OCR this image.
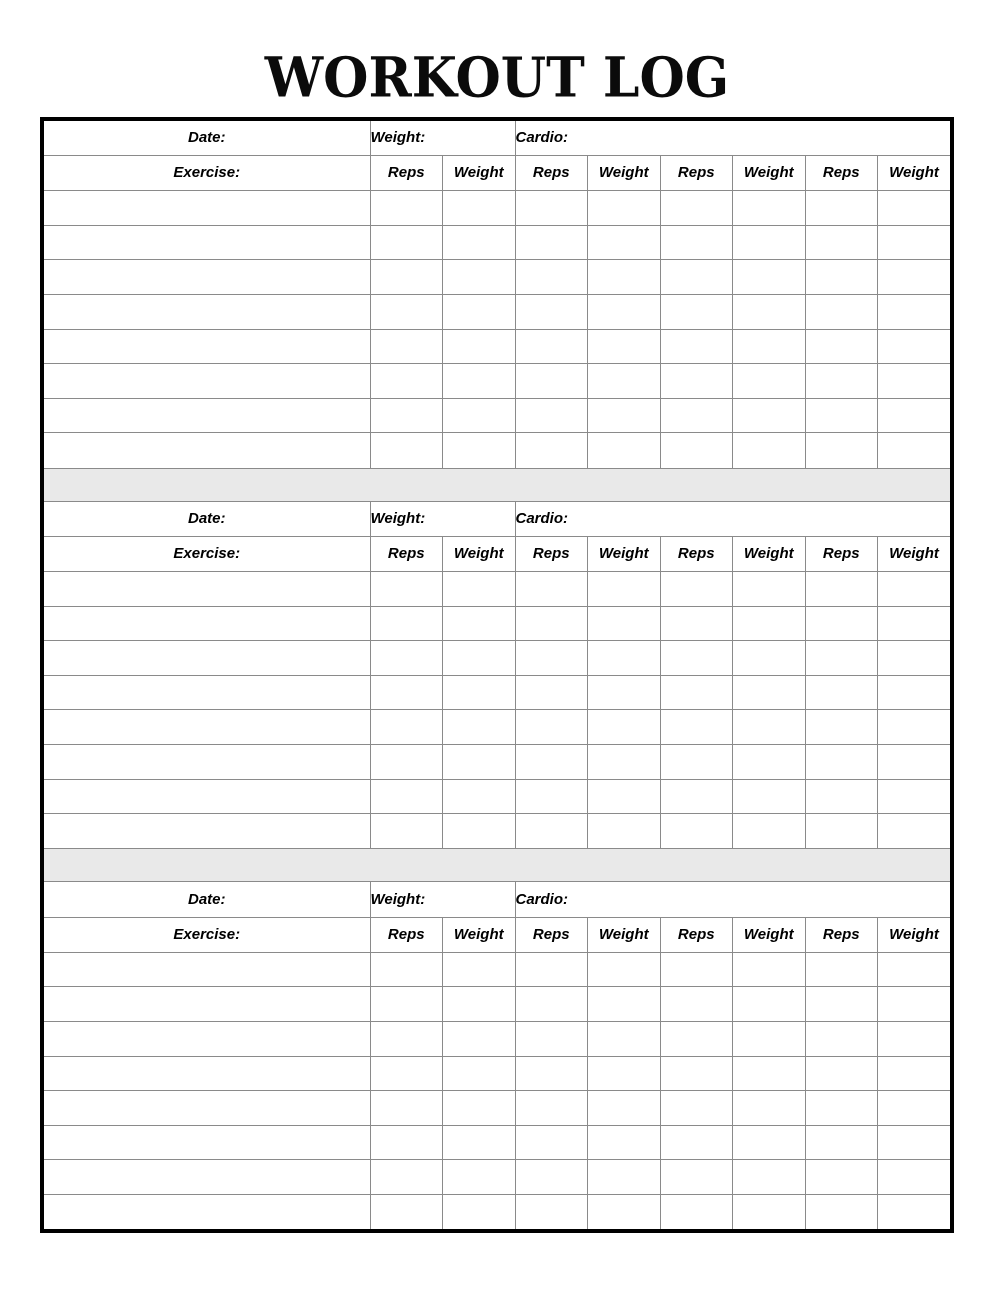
WORKOUT LOG
Date:	Weight:		Cardio:					
Exercise:	Reps	Weight	Reps	Weight	Reps	Weight	Reps	Weight

Date:	Weight:		Cardio:					
Exercise:	Reps	Weight	Reps	Weight	Reps	Weight	Reps	Weight

Date:	Weight:		Cardio:					
Exercise:	Reps	Weight	Reps	Weight	Reps	Weight	Reps	Weight
